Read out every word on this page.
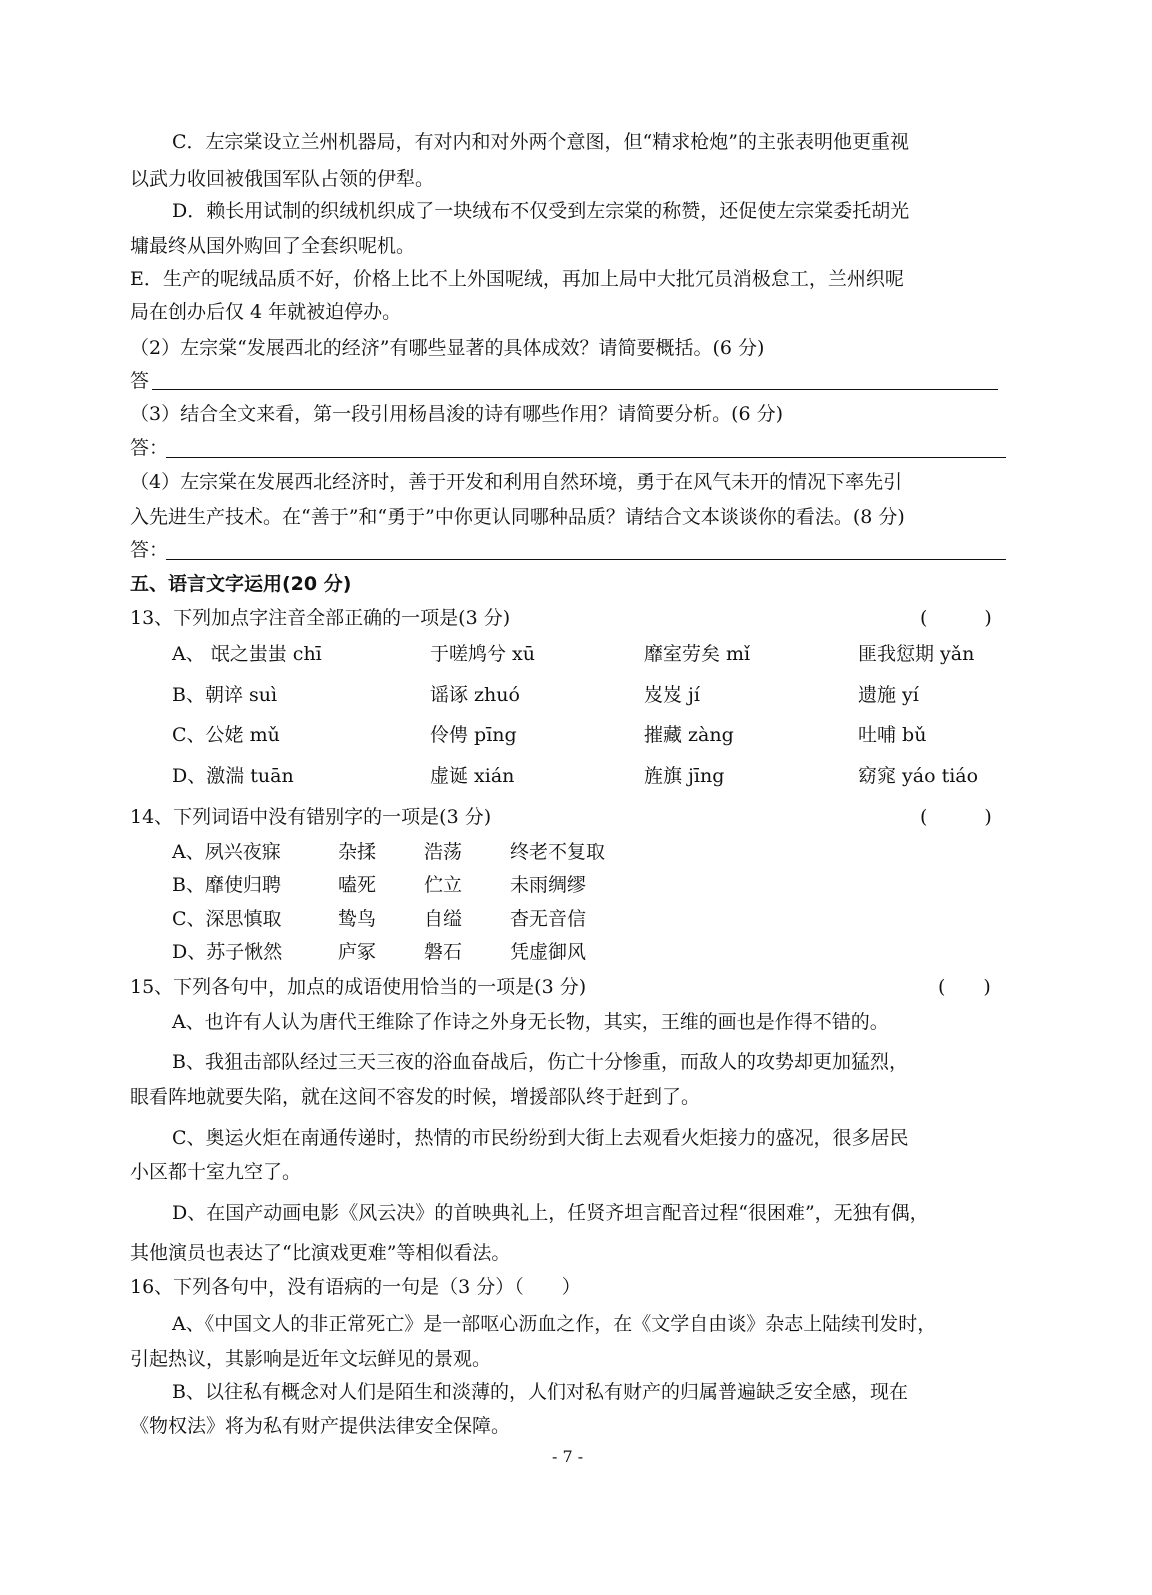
C．左宗棠设立兰州机器局，有对内和对外两个意图，但“精求枪炮”的主张表明他更重视
以武力收回被俄国军队占领的伊犁。
D．赖长用试制的织绒机织成了一块绒布不仅受到左宗棠的称赞，还促使左宗棠委托胡光
墉最终从国外购回了全套织呢机。
E．生产的呢绒品质不好，价格上比不上外国呢绒，再加上局中大批冗员消极怠工，兰州织呢
局在创办后仅 4 年就被迫停办。
（2）左宗棠“发展西北的经济”有哪些显著的具体成效？请简要概括。(6 分)
答
（3）结合全文来看，第一段引用杨昌浚的诗有哪些作用？请简要分析。(6 分)
答：
（4）左宗棠在发展西北经济时，善于开发和利用自然环境，勇于在风气未开的情况下率先引
入先进生产技术。在“善于”和“勇于”中你更认同哪种品质？请结合文本谈谈你的看法。(8 分)
答：
五、语言文字运用(20 分)
13、下列加点字注音全部正确的一项是(3 分)	(　　　)
A、 氓之蚩蚩 chī	于嗟鸠兮 xū	靡室劳矣 mǐ	匪我愆期 yǎn
B、朝谇 suì	谣诼 zhuó	岌岌 jí	遗施 yí
C、公姥 mǔ	伶俜 pīng	摧藏 zàng	吐哺 bǔ
D、激湍 tuān	虚诞 xián	旌旗 jīng	窈窕 yáo tiáo
14、下列词语中没有错别字的一项是(3 分)	(　　　)
A、夙兴夜寐	杂揉	浩荡	终老不复取
B、靡使归聘	嗑死	伫立	未雨绸缪
C、深思慎取	鸷鸟	自缢	杳无音信
D、苏子愀然	庐冢	磐石	凭虚御风
15、下列各句中，加点的成语使用恰当的一项是(3 分)	(　　)
A、也许有人认为唐代王维除了作诗之外身无长物，其实，王维的画也是作得不错的。
B、我狙击部队经过三天三夜的浴血奋战后，伤亡十分惨重，而敌人的攻势却更加猛烈，
眼看阵地就要失陷，就在这间不容发的时候，增援部队终于赶到了。
C、奥运火炬在南通传递时，热情的市民纷纷到大街上去观看火炬接力的盛况，很多居民
小区都十室九空了。
D、在国产动画电影《风云决》的首映典礼上，任贤齐坦言配音过程“很困难”，无独有偶，
其他演员也表达了“比演戏更难”等相似看法。
16、下列各句中，没有语病的一句是（3 分）（　　）
A、《中国文人的非正常死亡》是一部呕心沥血之作，在《文学自由谈》杂志上陆续刊发时，
引起热议，其影响是近年文坛鲜见的景观。
B、以往私有概念对人们是陌生和淡薄的，人们对私有财产的归属普遍缺乏安全感，现在
《物权法》将为私有财产提供法律安全保障。
- 7 -
